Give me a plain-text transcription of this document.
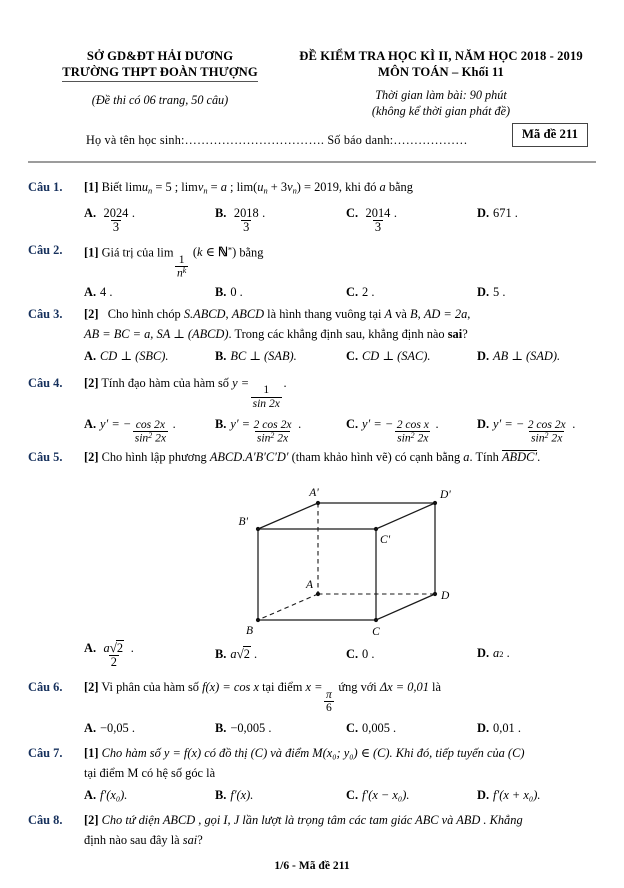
SỞ GD&ĐT HẢI DƯƠNG
TRƯỜNG THPT ĐOÀN THƯỢNG
(Đề thi có 06 trang, 50 câu)
ĐỀ KIỂM TRA HỌC KÌ II, NĂM HỌC 2018 - 2019
MÔN TOÁN – Khối 11
Thời gian làm bài: 90 phút
(không kể thời gian phát đề)
Họ và tên học sinh:……………………………. Số báo danh:………………	Mã đề 211
Câu 1.	[1] Biết limu$_n$ = 5 ; limv$_n$ = a ; $\lim(u_n + 3v_n) = 2019$, khi đó a bằng
A. $\frac{2024}{3}$ .	B. $\frac{2018}{3}$ .	C. $\frac{2014}{3}$ .	D. 671 .
Câu 2.	[1] Giá trị của lim
$\frac{1}{n^k}$
(k ∈ ℕ*) bằng
A. 4 .	B. 0 .	C. 2 .	D. 5 .
Câu 3.	[2] Cho hình chóp S.ABCD, ABCD là hình thang vuông tại A và B, AD = 2a,
AB = BC = a, SA ⊥ (ABCD). Trong các khẳng định sau, khẳng định nào sai?
A. CD ⊥ (SBC).	B. BC ⊥ (SAB).	C. CD ⊥ (SAC).	D. AB ⊥ (SAD).
Câu 4.	[2] Tính đạo hàm của hàm số y =
$\frac{1}{\sin 2x}$
.
A. y′ = − $\frac{\cos 2x}{\sin^2 2x}$ .	B. $y' = \frac{2 \cos 2x}{\sin^2 2x}$ .	C. y′ = − $\frac{\text{2 cos x}}{\sin^2 2x}$ .	D. y′ = − $\frac{2 \cos 2x}{\sin^2 2x}$ .
Câu 5.	[2] Cho hình lập phương ABCD.A′B′C′D′ (tham khảo hình vẽ) có cạnh bằng a. Tính ABDC′.
A'
B'
C'
D'
A
B	C
D
A. $\frac{a√2}{2}$ .	B. a √2 .	C. 0 .	D. a 2 .
Câu 6.	[2] Vi phân của hàm số f(x) = cos x tại điểm x =
$\frac{\pi}{6}$
ứng với Δx = 0,01 là
A. −0,05 .	B. −0,005 .	C. 0,005 .	D. 0,01 .
Câu 7.	[1] Cho hàm số y = f(x) có đồ thị (C) và điểm M(x₀; y₀) ∈ (C). Khi đó, tiếp tuyến của (C)
tại điểm M có hệ số góc là
A. f′(x₀).	B. f′(x).	C. f′(x − x₀).	D. f′(x + x₀).
Câu 8.	[2] Cho tứ diện ABCD , gọi I, J lần lượt là trọng tâm các tam giác ABC và ABD . Khẳng
định nào sau đây là sai?
1/6 - Mã đề 211
